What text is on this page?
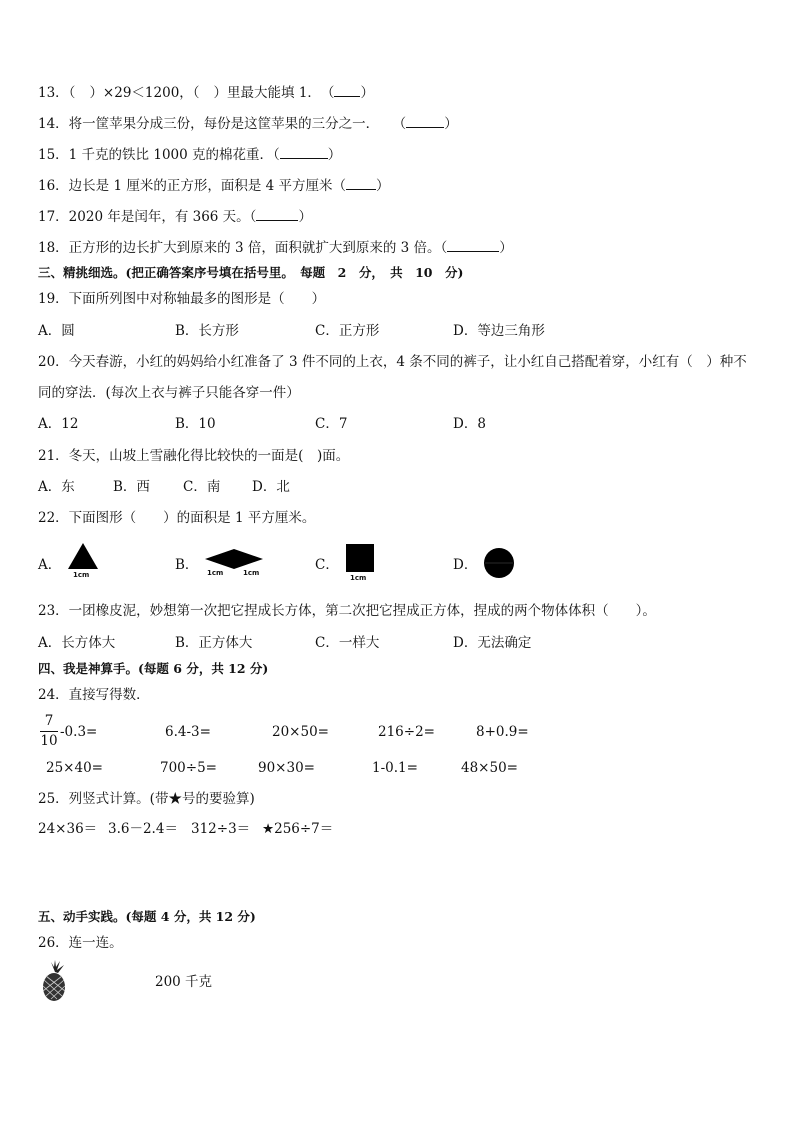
13．（ ）×29＜1200，（ ）里最大能填 1．　（ ）
14．将一筐苹果分成三份，每份是这筐苹果的三分之一．　　（	）
15．1 千克的铁比 1000 克的棉花重．（	）
16．边长是 1 厘米的正方形，面积是 4 平方厘米（ ）
17．2020 年是闰年，有 366 天。（	）
18．正方形的边长扩大到原来的 3 倍，面积就扩大到原来的 3 倍。（	）
三、精挑细选。(把正确答案序号填在括号里。　每题　2　分，　共　10　分)
19．下面所列图中对称轴最多的图形是（　　）
A．圆	B．长方形	C．正方形	D．等边三角形
20．今天春游，小红的妈妈给小红准备了 3 件不同的上衣，4 条不同的裤子，让小红自己搭配着穿，小红有（　）种不
同的穿法．(每次上衣与裤子只能各穿一件）
A．12	B．10	C．7	D．8
21．冬天，山坡上雪融化得比较快的一面是(　)面。
A．东	B．西 C．南 D．北
22．下面图形（　　）的面积是 1 平方厘米。
A．
1cm
B． 1cm	1cm	C．
1cm
D．
23．一团橡皮泥，妙想第一次把它捏成长方体，第二次把它捏成正方体，捏成的两个物体体积（　　）。
A．长方体大	B．正方体大	C．一样大	D．无法确定
四、我是神算手。(每题 6 分，共 12 分)
24．直接写得数．
7
10
-0.3=	6.4-3=	20×50=	216÷2=	8+0.9=
25×40=	700÷5=	90×30=	1-0.1=	48×50=
25．列竖式计算。(带★号的要验算)
24×36＝ 3.6－2.4＝ 312÷3＝ ★256÷7＝
五、动手实践。(每题 4 分，共 12 分)
26．连一连。
200 千克
